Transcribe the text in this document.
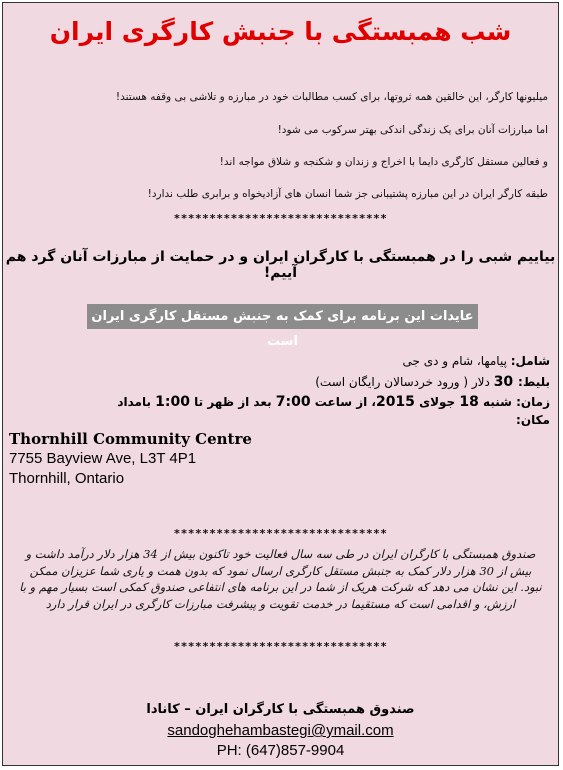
شب همبستگی با جنبش کارگری ایران
میلیونها کارگر، این خالقین همه ثروتها، برای کسب مطالبات خود در مبارزه و تلاشی بی وقفه هستند!
اما مبارزات آنان برای یک زندگی اندکی بهتر سرکوب می شود!
و فعالین مستقل کارگری دایما با اخراج و زندان و شکنجه و شلاق مواجه اند!
طبقه کارگر ایران در این مبارزه پشتیبانی جز شما انسان های آزادیخواه و برابری طلب ندارد!
******************************
بیاییم شبی را در همبستگی با کارگران ایران و در حمایت از مبارزات آنان گرد هم آییم!
عایدات این برنامه برای کمک به جنبش مستقل کارگری ایران است
شامل: پیامها، شام و دی جی
بلیط: 30 دلار ( ورود خردسالان رایگان است)
زمان: شنبه 18 جولای 2015، از ساعت 7:00 بعد از ظهر تا 1:00 بامداد
مکان:
Thornhill Community Centre
7755 Bayview Ave, L3T 4P1
Thornhill, Ontario
******************************
صندوق همبستگی با کارگران ایران در طی سه سال فعالیت خود تاکنون بیش از 34 هزار دلار درآمد داشت و بیش از 30 هزار دلار کمک به جنبش مستقل کارگری ارسال نمود که بدون همت و یاری شما عزیزان ممکن نبود. این نشان می دهد که شرکت هریک از شما در این برنامه های انتفاعی صندوق کمکی است بسیار مهم و با ارزش، و اقدامی است که مستقیما در خدمت تقویت و پیشرفت مبارزات کارگری در ایران قرار دارد
******************************
صندوق همبستگی با کارگران ایران – کانادا
sandoghehambastegi@ymail.com
PH: (647)857-9904
